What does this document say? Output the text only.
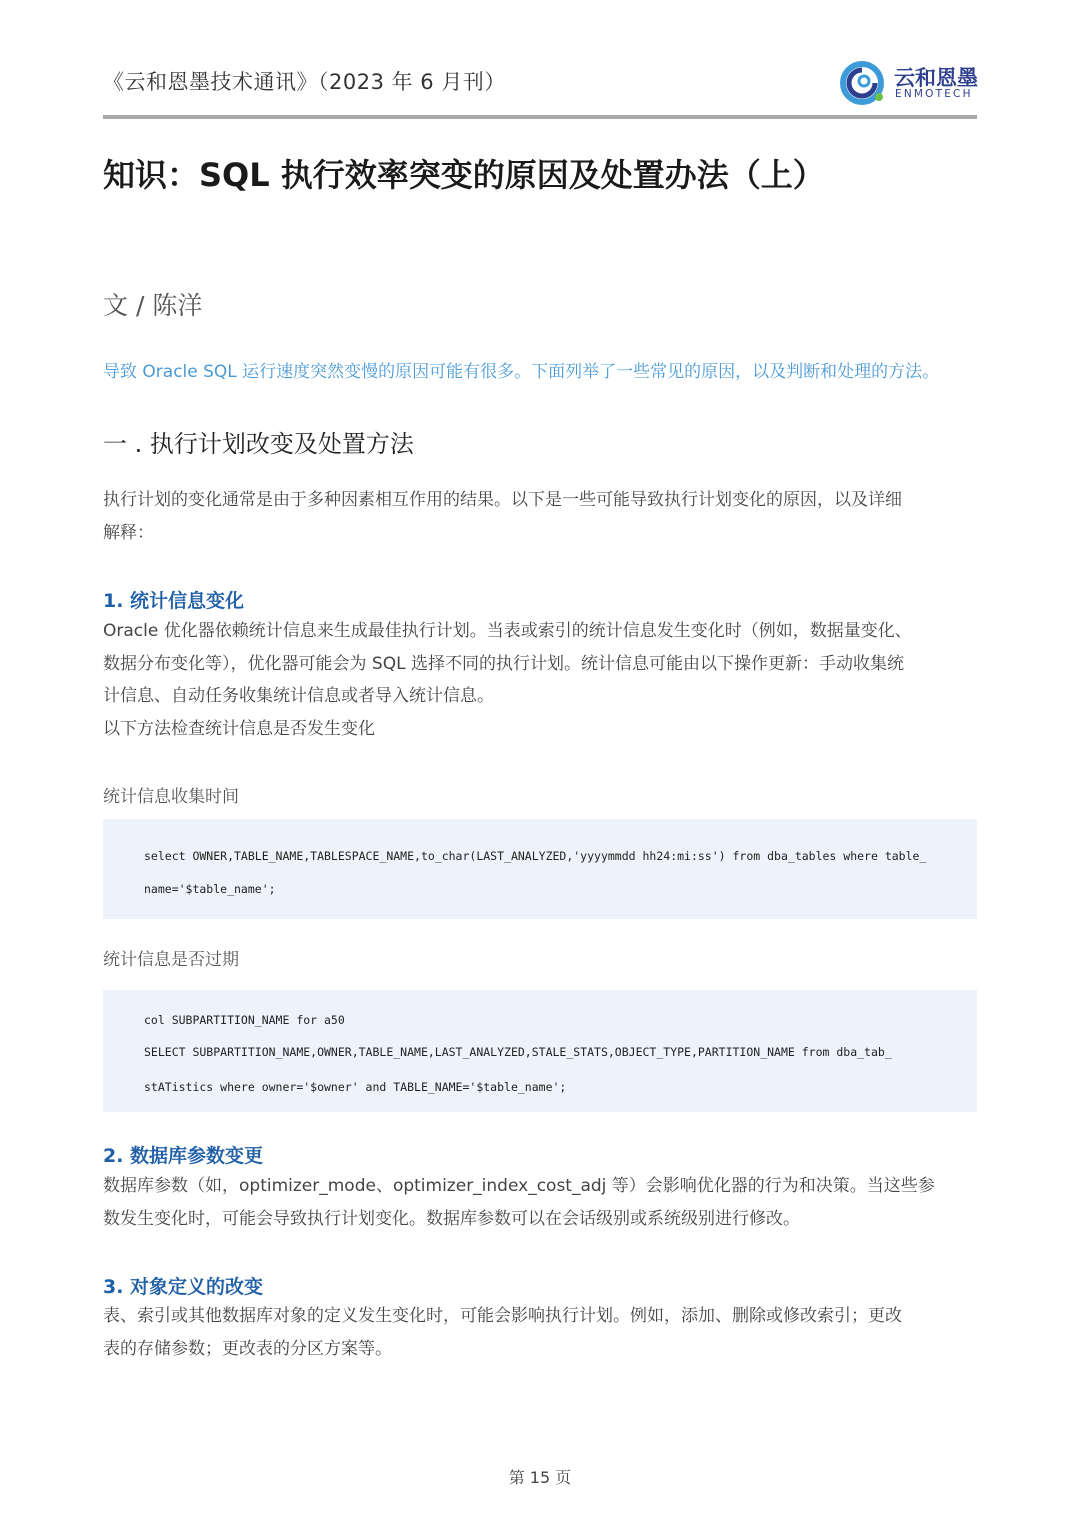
《云和恩墨技术通讯》（2023 年 6 月刊）	云和恩墨
ENMOTECH
知识：SQL 执行效率突变的原因及处置办法（上）
文 / 陈洋
导致 Oracle SQL 运行速度突然变慢的原因可能有很多。下面列举了一些常见的原因，以及判断和处理的方法。
一 . 执行计划改变及处置方法
执行计划的变化通常是由于多种因素相互作用的结果。以下是一些可能导致执行计划变化的原因，以及详细
解释：
1. 统计信息变化
Oracle 优化器依赖统计信息来生成最佳执行计划。当表或索引的统计信息发生变化时（例如，数据量变化、
数据分布变化等），优化器可能会为 SQL 选择不同的执行计划。统计信息可能由以下操作更新：手动收集统
计信息、自动任务收集统计信息或者导入统计信息。
以下方法检查统计信息是否发生变化
统计信息收集时间
select OWNER,TABLE_NAME,TABLESPACE_NAME,to_char(LAST_ANALYZED,'yyyymmdd hh24:mi:ss') from dba_tables where table_
name='$table_name';
统计信息是否过期
col SUBPARTITION_NAME for a50
SELECT SUBPARTITION_NAME,OWNER,TABLE_NAME,LAST_ANALYZED,STALE_STATS,OBJECT_TYPE,PARTITION_NAME from dba_tab_
stATistics where owner='$owner' and TABLE_NAME='$table_name';
2. 数据库参数变更
数据库参数（如，optimizer_mode、optimizer_index_cost_adj 等）会影响优化器的行为和决策。当这些参
数发生变化时，可能会导致执行计划变化。数据库参数可以在会话级别或系统级别进行修改。
3. 对象定义的改变
表、索引或其他数据库对象的定义发生变化时，可能会影响执行计划。例如，添加、删除或修改索引；更改
表的存储参数；更改表的分区方案等。
第 15 页
